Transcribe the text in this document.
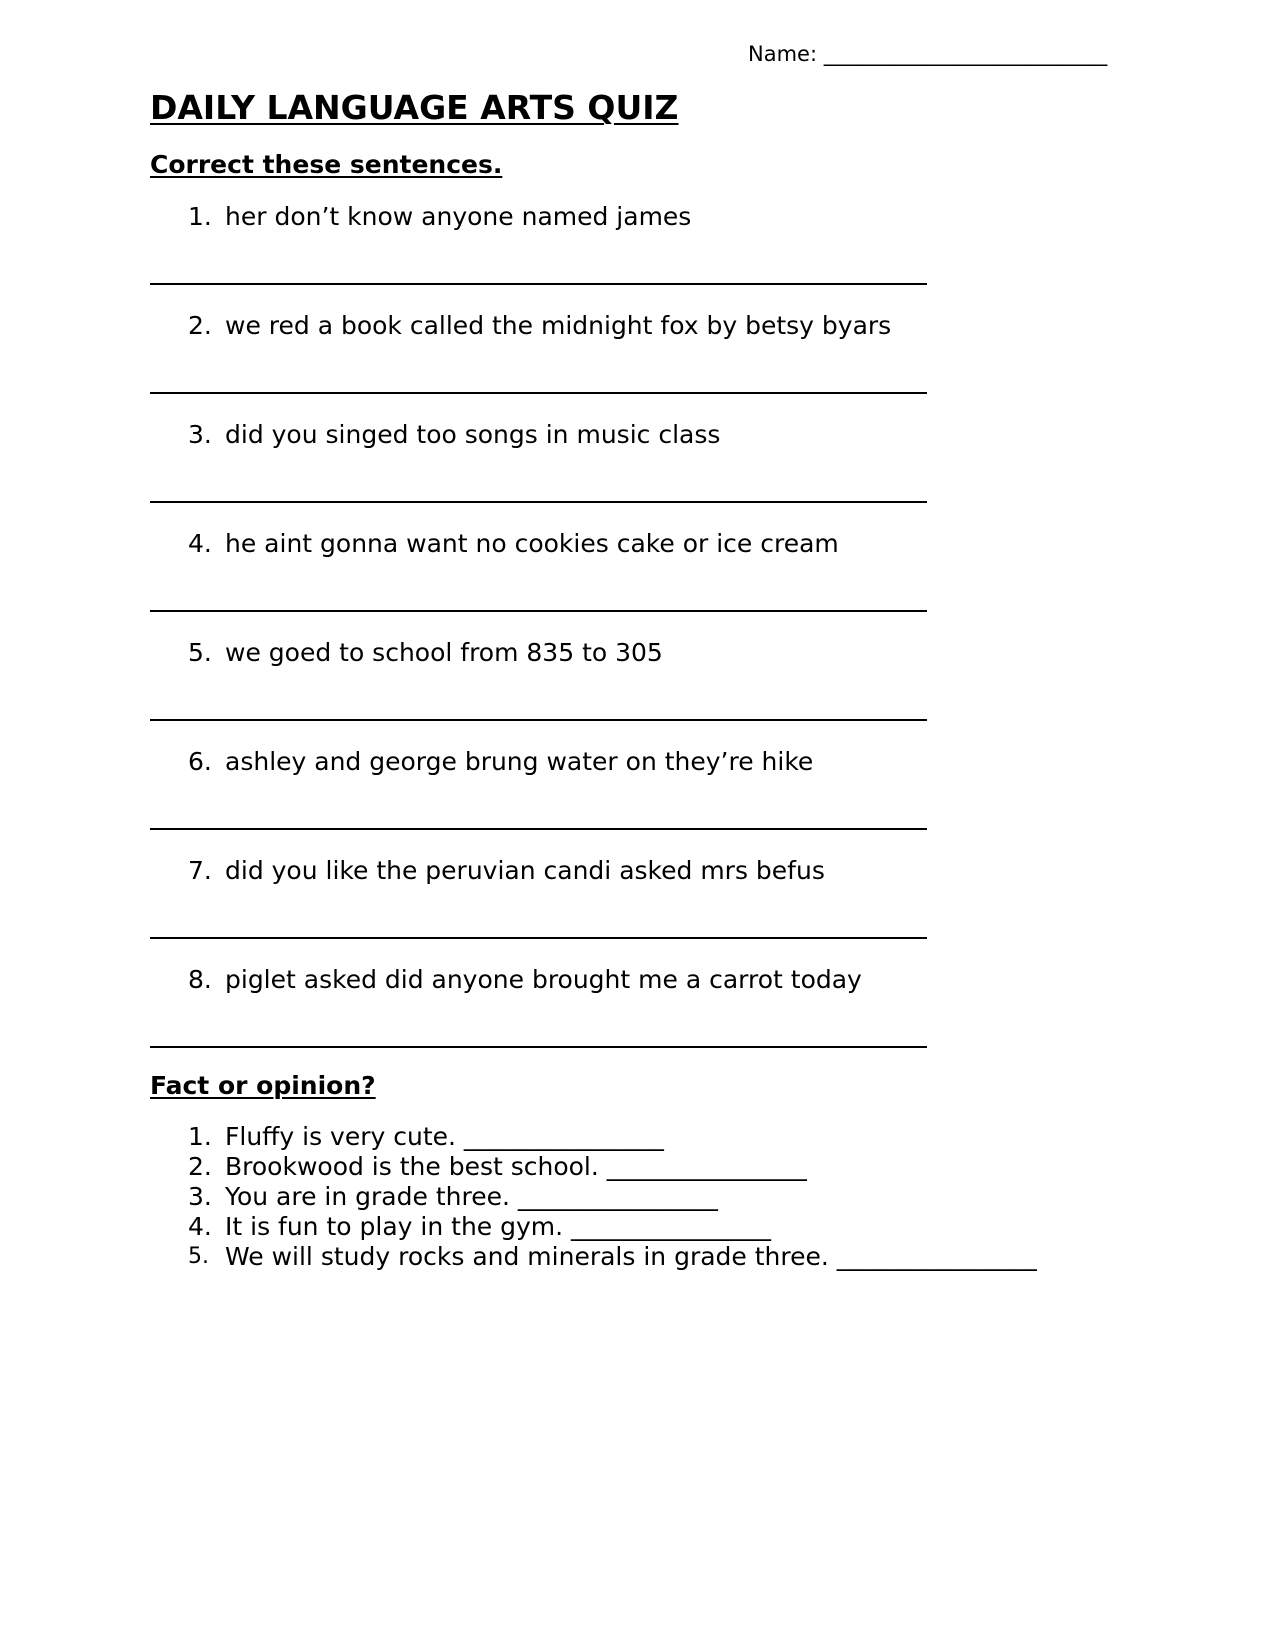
Name: ___________________________
DAILY LANGUAGE ARTS QUIZ
Correct these sentences.
1. her don’t know anyone named james
2. we red a book called the midnight fox by betsy byars
3. did you singed too songs in music class
4. he aint gonna want no cookies cake or ice cream
5. we goed to school from 835 to 305
6. ashley and george brung water on they’re hike
7. did you like the peruvian candi asked mrs befus
8. piglet asked did anyone brought me a carrot today
Fact or opinion?
1. Fluffy is very cute. ________________
2. Brookwood is the best school. ________________
3. You are in grade three. ________________
4. It is fun to play in the gym. ________________
5. We will study rocks and minerals in grade three. ________________
